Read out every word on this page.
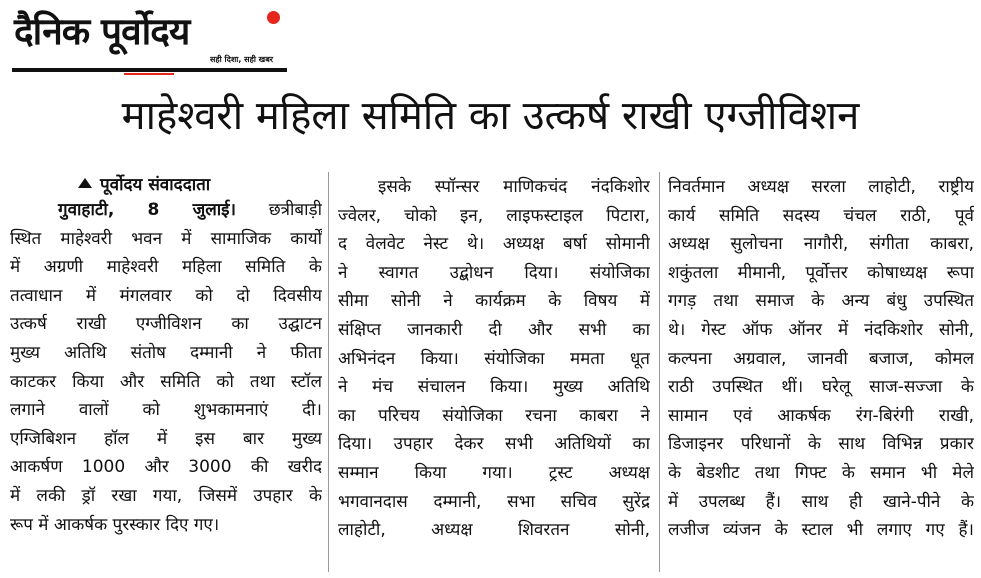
दैनिक पूर्वोदय
सही दिशा, सही खबर
माहेश्वरी महिला समिति का उत्कर्ष राखी एग्जीविशन
पूर्वोदय संवाददाता
गुवाहाटी, 8 जुलाई। छत्रीबाड़ी
स्थित माहेश्वरी भवन में सामाजिक कार्यों
में अग्रणी माहेश्वरी महिला समिति के
तत्वाधान में मंगलवार को दो दिवसीय
उत्कर्ष राखी एग्जीविशन का उद्घाटन
मुख्य अतिथि संतोष दम्मानी ने फीता
काटकर किया और समिति को तथा स्टॉल
लगाने वालों को शुभकामनाएं दी।
एग्जिबिशन हॉल में इस बार मुख्य
आकर्षण 1000 और 3000 की खरीद
में लकी ड्रॉ रखा गया, जिसमें उपहार के
रूप में आकर्षक पुरस्कार दिए गए।
इसके स्पॉन्सर माणिकचंद नंदकिशोर
ज्वेलर, चोको इन, लाइफस्टाइल पिटारा,
द वेलवेट नेस्ट थे। अध्यक्ष बर्षा सोमानी
ने स्वागत उद्बोधन दिया। संयोजिका
सीमा सोनी ने कार्यक्रम के विषय में
संक्षिप्त जानकारी दी और सभी का
अभिनंदन किया। संयोजिका ममता धूत
ने मंच संचालन किया। मुख्य अतिथि
का परिचय संयोजिका रचना काबरा ने
दिया। उपहार देकर सभी अतिथियों का
सम्मान किया गया। ट्रस्ट अध्यक्ष
भगवानदास दम्मानी, सभा सचिव सुरेंद्र
लाहोटी, अध्यक्ष शिवरतन सोनी,
निवर्तमान अध्यक्ष सरला लाहोटी, राष्ट्रीय
कार्य समिति सदस्य चंचल राठी, पूर्व
अध्यक्ष सुलोचना नागौरी, संगीता काबरा,
शकुंतला मीमानी, पूर्वोत्तर कोषाध्यक्ष रूपा
गगड़ तथा समाज के अन्य बंधु उपस्थित
थे। गेस्ट ऑफ ऑनर में नंदकिशोर सोनी,
कल्पना अग्रवाल, जानवी बजाज, कोमल
राठी उपस्थित थीं। घरेलू साज-सज्जा के
सामान एवं आकर्षक रंग-बिरंगी राखी,
डिजाइनर परिधानों के साथ विभिन्न प्रकार
के बेडशीट तथा गिफ्ट के समान भी मेले
में उपलब्ध हैं। साथ ही खाने-पीने के
लजीज व्यंजन के स्टाल भी लगाए गए हैं।
